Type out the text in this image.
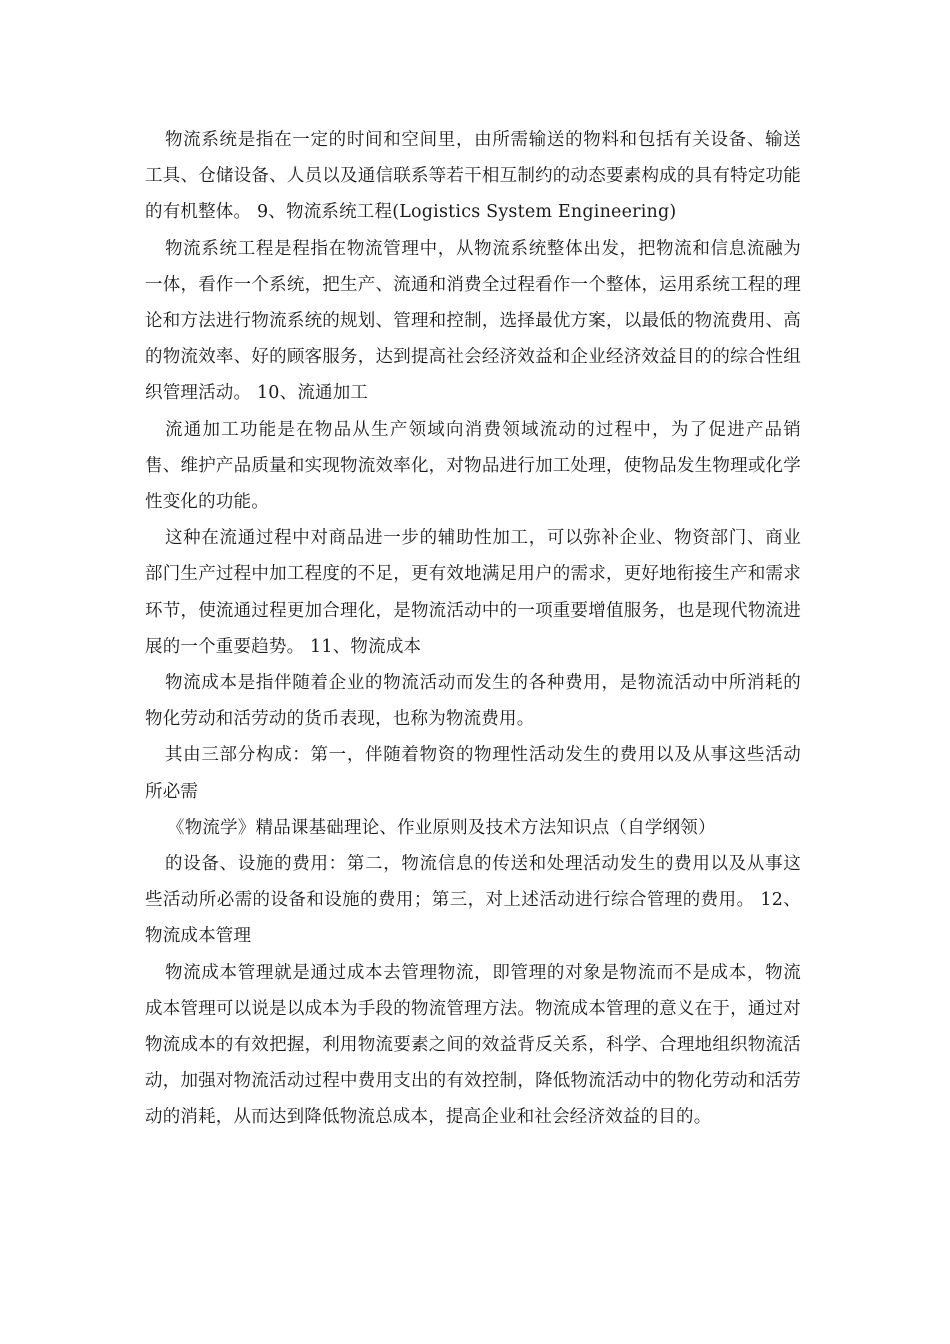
物流系统是指在一定的时间和空间里，由所需输送的物料和包括有关设备、输送工具、仓储设备、人员以及通信联系等若干相互制约的动态要素构成的具有特定功能的有机整体。 9、物流系统工程(Logistics System Engineering)

物流系统工程是程指在物流管理中，从物流系统整体出发，把物流和信息流融为一体，看作一个系统，把生产、流通和消费全过程看作一个整体，运用系统工程的理论和方法进行物流系统的规划、管理和控制，选择最优方案，以最低的物流费用、高的物流效率、好的顾客服务，达到提高社会经济效益和企业经济效益目的的综合性组织管理活动。 10、流通加工

流通加工功能是在物品从生产领域向消费领域流动的过程中，为了促进产品销售、维护产品质量和实现物流效率化，对物品进行加工处理，使物品发生物理或化学性变化的功能。

这种在流通过程中对商品进一步的辅助性加工，可以弥补企业、物资部门、商业部门生产过程中加工程度的不足，更有效地满足用户的需求，更好地衔接生产和需求环节，使流通过程更加合理化，是物流活动中的一项重要增值服务，也是现代物流进展的一个重要趋势。 11、物流成本

物流成本是指伴随着企业的物流活动而发生的各种费用，是物流活动中所消耗的物化劳动和活劳动的货币表现，也称为物流费用。

其由三部分构成：第一，伴随着物资的物理性活动发生的费用以及从事这些活动所必需

《物流学》精品课基础理论、作业原则及技术方法知识点（自学纲领）

的设备、设施的费用：第二，物流信息的传送和处理活动发生的费用以及从事这些活动所必需的设备和设施的费用；第三，对上述活动进行综合管理的费用。 12、物流成本管理

物流成本管理就是通过成本去管理物流，即管理的对象是物流而不是成本，物流成本管理可以说是以成本为手段的物流管理方法。物流成本管理的意义在于，通过对物流成本的有效把握，利用物流要素之间的效益背反关系，科学、合理地组织物流活动，加强对物流活动过程中费用支出的有效控制，降低物流活动中的物化劳动和活劳动的消耗，从而达到降低物流总成本，提高企业和社会经济效益的目的。
